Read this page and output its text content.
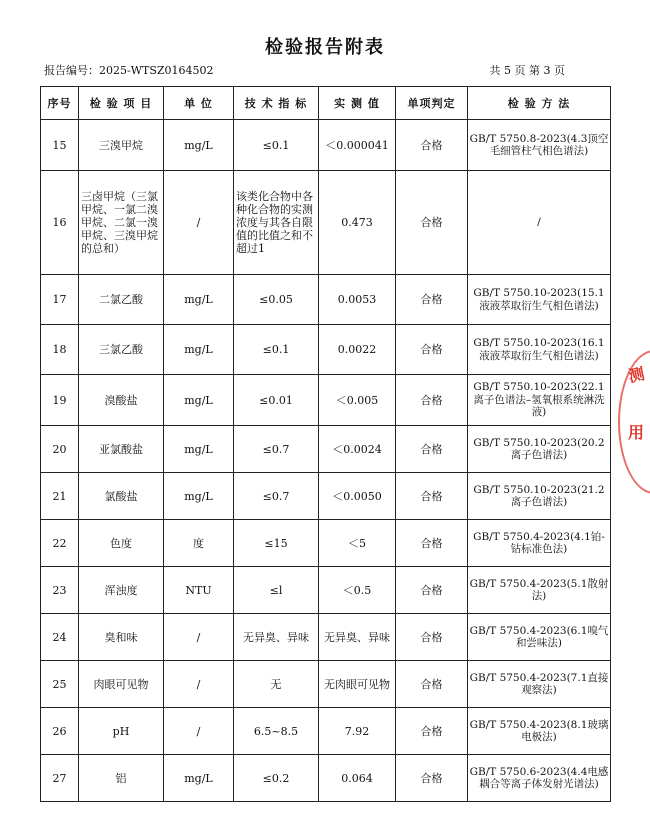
检验报告附表
报告编号：2025-WTSZ0164502	共 5 页 第 3 页
序号	检 验 项 目	单 位	技 术 指 标	实 测 值	单项判定	检 验 方 法
15	三溴甲烷	mg/L	≤0.1	＜0.000041	合格	GB/T 5750.8-2023(4.3顶空毛细管柱气相色谱法)
16	三卤甲烷（三氯甲烷、一氯二溴甲烷、二氯一溴甲烷、三溴甲烷的总和）	/	该类化合物中各种化合物的实测浓度与其各自限值的比值之和不超过1	0.473	合格	/
17	二氯乙酸	mg/L	≤0.05	0.0053	合格	GB/T 5750.10-2023(15.1液液萃取衍生气相色谱法)
18	三氯乙酸	mg/L	≤0.1	0.0022	合格	GB/T 5750.10-2023(16.1液液萃取衍生气相色谱法)
19	溴酸盐	mg/L	≤0.01	＜0.005	合格	GB/T 5750.10-2023(22.1离子色谱法–氢氧根系统淋洗液)
20	亚氯酸盐	mg/L	≤0.7	＜0.0024	合格	GB/T 5750.10-2023(20.2离子色谱法)
21	氯酸盐	mg/L	≤0.7	＜0.0050	合格	GB/T 5750.10-2023(21.2离子色谱法)
22	色度	度	≤15	＜5	合格	GB/T 5750.4-2023(4.1铂-钴标准色法)
23	浑浊度	NTU	≤l	＜0.5	合格	GB/T 5750.4-2023(5.1散射法)
24	臭和味	/	无异臭、异味	无异臭、异味	合格	GB/T 5750.4-2023(6.1嗅气和尝味法)
25	肉眼可见物	/	无	无肉眼可见物	合格	GB/T 5750.4-2023(7.1直接观察法)
26	pH	/	6.5~8.5	7.92	合格	GB/T 5750.4-2023(8.1玻璃电极法)
27	铝	mg/L	≤0.2	0.064	合格	GB/T 5750.6-2023(4.4电感耦合等离子体发射光谱法)
测
用
